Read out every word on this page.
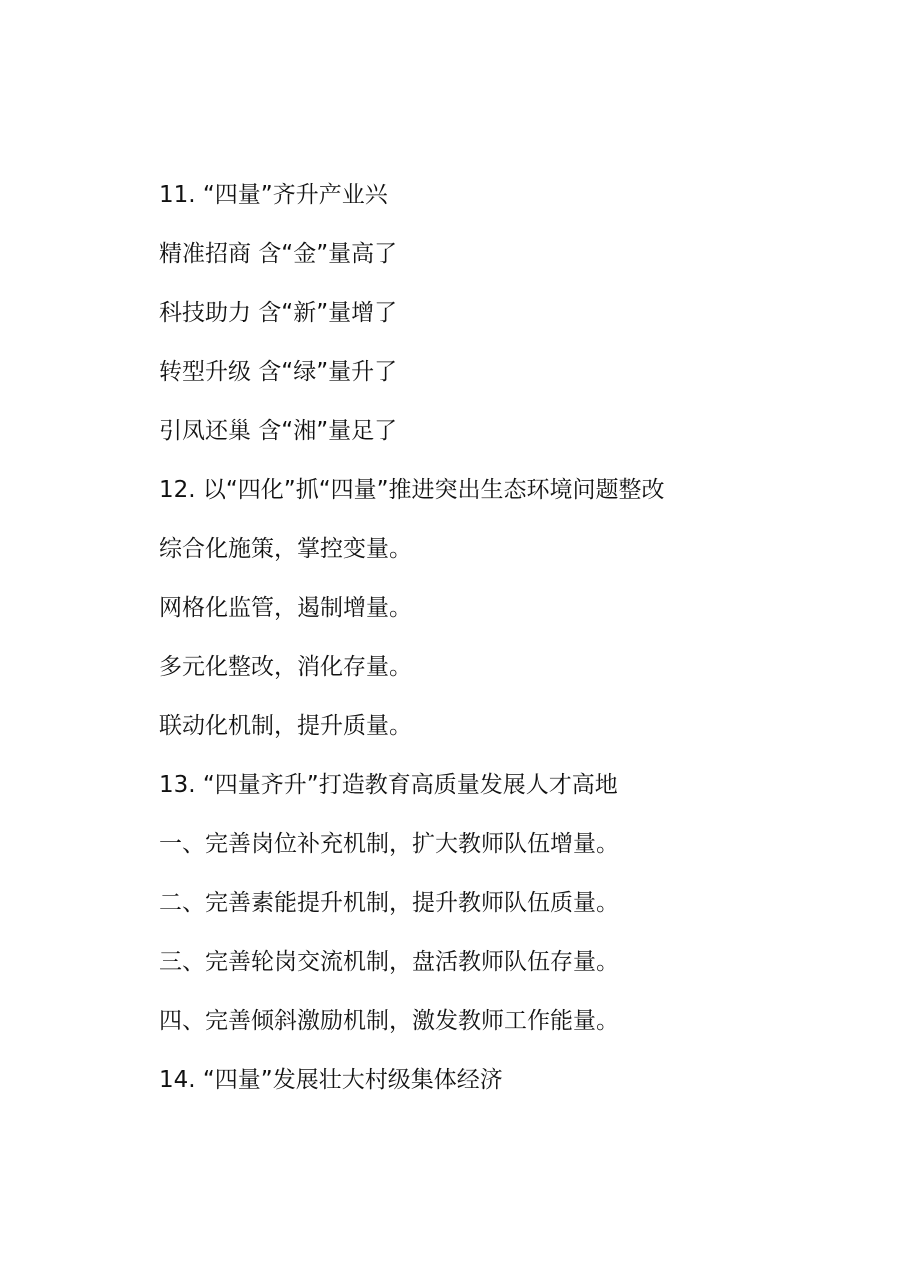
11. “四量”齐升产业兴
精准招商 含“金”量高了
科技助力 含“新”量增了
转型升级 含“绿”量升了
引凤还巢 含“湘”量足了
12. 以“四化”抓“四量”推进突出生态环境问题整改
综合化施策，掌控变量。
网格化监管，遏制增量。
多元化整改，消化存量。
联动化机制，提升质量。
13. “四量齐升”打造教育高质量发展人才高地
一、完善岗位补充机制，扩大教师队伍增量。
二、完善素能提升机制，提升教师队伍质量。
三、完善轮岗交流机制，盘活教师队伍存量。
四、完善倾斜激励机制，激发教师工作能量。
14. “四量”发展壮大村级集体经济
